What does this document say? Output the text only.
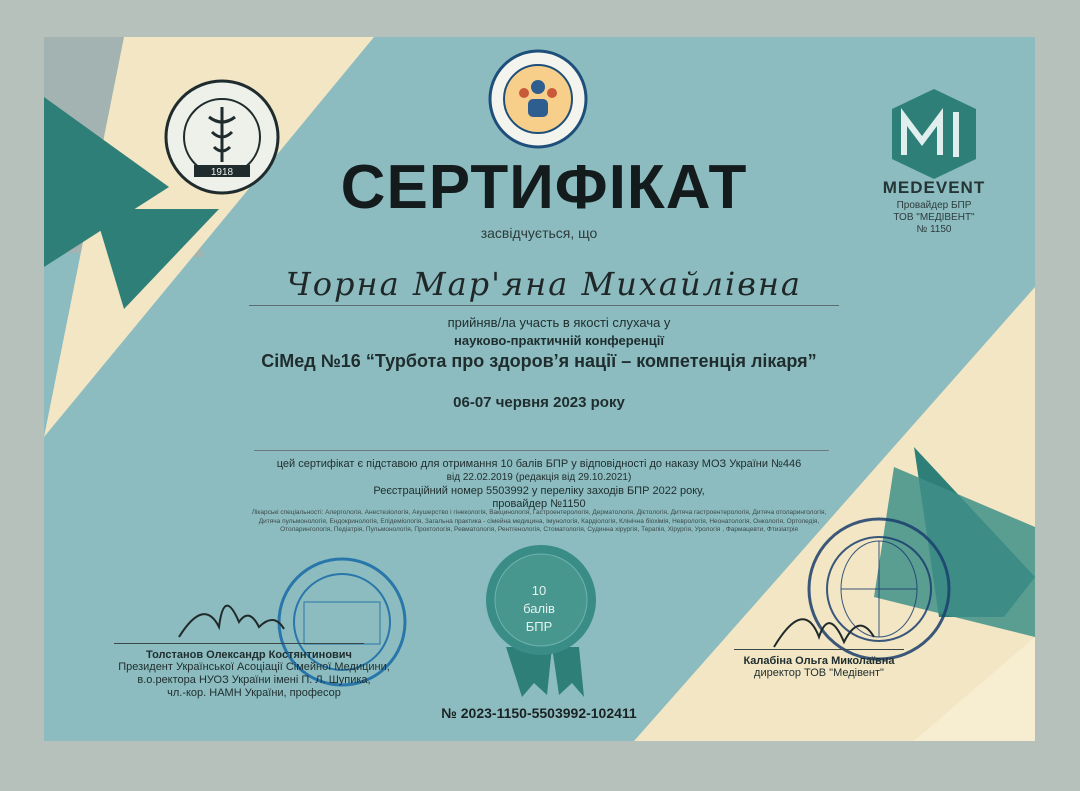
1918	СЕРТИФІКАТ
засвідчується, що
Чорна Мар'яна Михайлівна
прийняв/ла участь в якості слухача у
науково-практичній конференції
СіМед №16 “Турбота про здоров’я нації – компетенція лікаря”
06-07 червня 2023 року
цей сертифікат є підставою для отримання 10 балів БПР у відповідності до наказу МОЗ України №446
від 22.02.2019 (редакція від 29.10.2021)
Реєстраційний номер 5503992 у переліку заходів БПР 2022 року,
провайдер №1150
Лікарські спеціальності: Алергологія, Анестезіологія, Акушерство і гінекологія, Вакцинологія, Гастроентерологія, Дерматологія, Дієтологія, Дитяча гастроентерологія, Дитяча отоларингологія, Дитяча пульмонологія, Ендокринологія, Епідеміологія, Загальна практика - сімейна медицина, Імунологія, Кардіологія, Клінічна біохімія, Неврологія, Неонатологія, Онкологія, Ортопедія, Отоларингологія, Педіатрія, Пульмонологія, Проктологія, Ревматологія, Рентгенологія, Стоматологія, Судинна хірургія, Терапія, Хірургія, Урологія , Фармацевти, Фтизіатрія
10
балів
БПР
MEDEVENT
Провайдер БПР
ТОВ "МЕДІВЕНТ"
№ 1150
Толстанов Олександр Костянтинович
Президент Української Асоціації Сімейної Медицини,
в.о.ректора НУОЗ України імені П. Л. Шупика,
чл.-кор. НАМН України, професор
Калабіна Ольга Миколаївна
директор ТОВ "Медівент"
№ 2023-1150-5503992-102411
